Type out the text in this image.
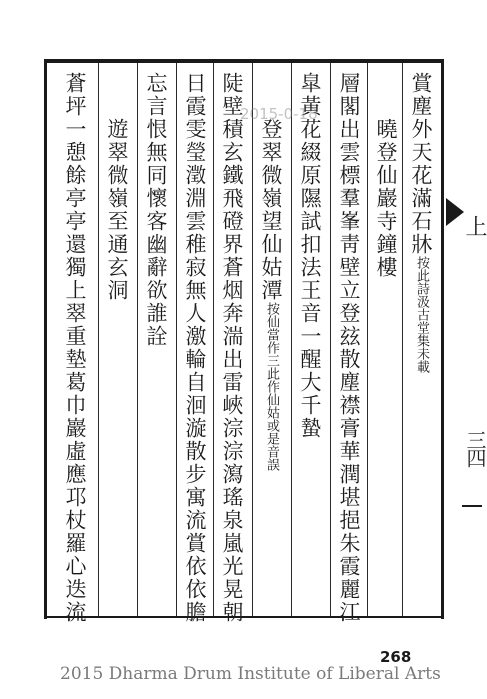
賞塵外天花滿石牀
按此詩汲古堂集未載
曉登仙巖寺鐘樓
層閣出雲標羣峯靑壁立登玆散塵襟膏華潤堪挹朱霞麗江
皐黃花綴原隰試扣法王音一醒大千蟄
登翠微嶺望仙姑潭按仙當作三此作仙姑或是音誤
陡壁積玄鐵飛磴界蒼烟奔湍出雷峽淙淙瀉瑤泉嵐光晃朝
日霞雯瑩澂淵雲稚寂無人激輪自洄漩散步寓流賞依依膽
忘言恨無同懷客幽辭欲誰詮
遊翠微嶺至通玄洞
蒼坪一憩餘亭亭還獨上翠重墊葛巾巖虛應邛杖羅心迭流	上
三四
2015-0-18
268
2015 Dharma Drum Institute of Liberal Arts
